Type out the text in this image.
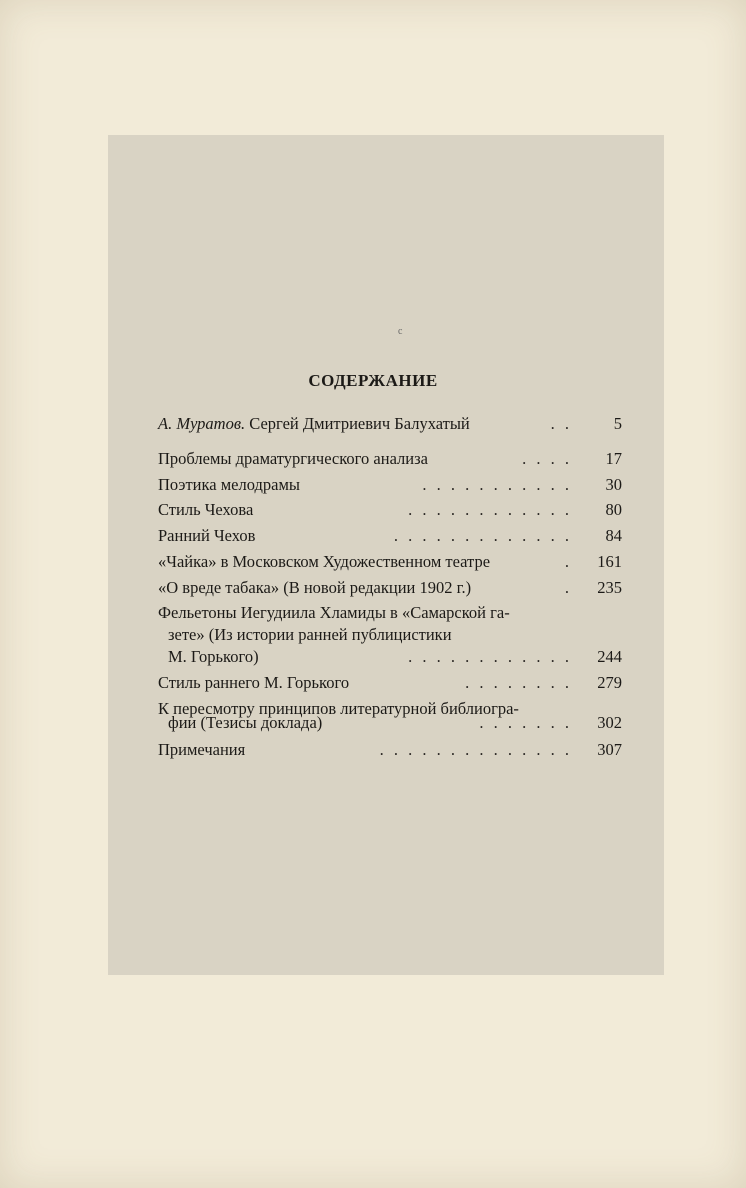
c
СОДЕРЖАНИЕ
А. Муратов. Сергей Дмитриевич Балухатый	. .	5
Проблемы драматургического анализа	. . . . 17
Поэтика мелодрамы	. . . . . . . . . . . 30
Стиль Чехова	. . . . . . . . . . . . 80
Ранний Чехов	. . . . . . . . . . . . . 84
«Чайка» в Московском Художественном театре	. 161
«О вреде табака» (В новой редакции 1902 г.)	. 235
Фельетоны Иегудиила Хламиды в «Самарской га-
зете» (Из истории ранней публицистики
М. Горького)	. . . . . . . . . . . . 244
Стиль раннего М. Горького	. . . . . . . . 279
К пересмотру принципов литературной библиогра-
фии (Тезисы доклада)	. . . . . . . 302
Примечания	. . . . . . . . . . . . . . 307
